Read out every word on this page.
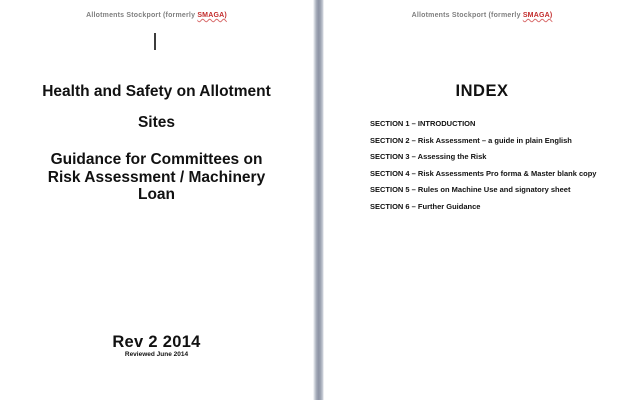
Allotments Stockport (formerly SMAGA)
Health and Safety on Allotment
Sites
Guidance for Committees on
Risk Assessment / Machinery
Loan
Rev 2 2014
Reviewed June 2014
Allotments Stockport (formerly SMAGA)
INDEX
SECTION 1 – INTRODUCTION
SECTION 2 – Risk Assessment – a guide in plain English
SECTION 3 – Assessing the Risk
SECTION 4 – Risk Assessments Pro forma & Master blank copy
SECTION 5 – Rules on Machine Use and signatory sheet
SECTION 6 – Further Guidance
